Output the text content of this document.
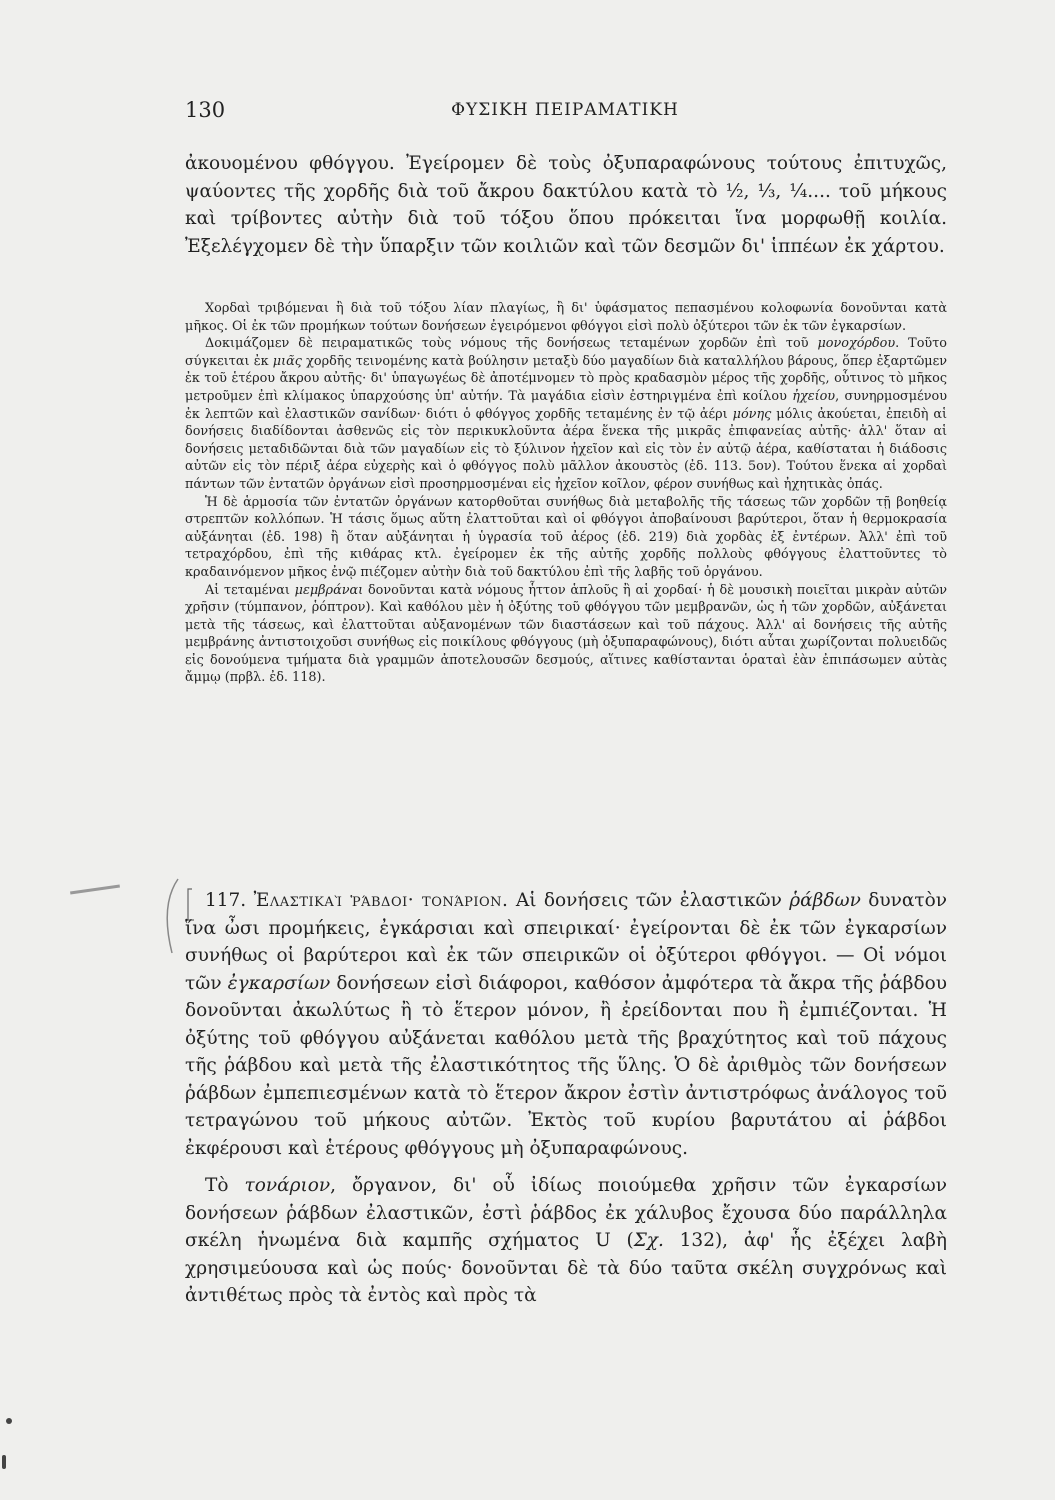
130	ΦΥΣΙΚΗ ΠΕΙΡΑΜΑΤΙΚΗ

ἀκουομένου φθόγγου. Ἐγείρομεν δὲ τοὺς ὀξυπαραφώνους τούτους ἐπιτυχῶς, ψαύοντες τῆς χορδῆς διὰ τοῦ ἄκρου δακτύλου κατὰ τὸ ½, ⅓, ¼.... τοῦ μήκους καὶ τρίβοντες αὐτὴν διὰ τοῦ τόξου ὅπου πρόκειται ἵνα μορφωθῇ κοιλία. Ἐξελέγχομεν δὲ τὴν ὕπαρξιν τῶν κοιλιῶν καὶ τῶν δεσμῶν δι' ἱππέων ἐκ χάρτου.

Χορδαὶ τριβόμεναι ἢ διὰ τοῦ τόξου λίαν πλαγίως, ἢ δι' ὑφάσματος πεπασμένου κολοφωνία δονοῦνται κατὰ μῆκος. Οἱ ἐκ τῶν προμήκων τούτων δονήσεων ἐγειρόμενοι φθόγγοι εἰσὶ πολὺ ὀξύτεροι τῶν ἐκ τῶν ἐγκαρσίων.

Δοκιμάζομεν δὲ πειραματικῶς τοὺς νόμους τῆς δονήσεως τεταμένων χορδῶν ἐπὶ τοῦ μονοχόρδου. Τοῦτο σύγκειται ἐκ μιᾶς χορδῆς τεινομένης κατὰ βούλησιν μεταξὺ δύο μαγαδίων διὰ καταλλήλου βάρους, ὅπερ ἐξαρτῶμεν ἐκ τοῦ ἑτέρου ἄκρου αὐτῆς· δι' ὑπαγωγέως δὲ ἀποτέμνομεν τὸ πρὸς κραδασμὸν μέρος τῆς χορδῆς, οὗτινος τὸ μῆκος μετροῦμεν ἐπὶ κλίμακος ὑπαρχούσης ὑπ' αὐτήν. Τὰ μαγάδια εἰσὶν ἐστηριγμένα ἐπὶ κοίλου ἠχείου, συνηρμοσμένου ἐκ λεπτῶν καὶ ἐλαστικῶν σανίδων· διότι ὁ φθόγγος χορδῆς τεταμένης ἐν τῷ ἀέρι μόνης μόλις ἀκούεται, ἐπειδὴ αἱ δονήσεις διαδίδονται ἀσθενῶς εἰς τὸν περικυκλοῦντα ἀέρα ἕνεκα τῆς μικρᾶς ἐπιφανείας αὐτῆς· ἀλλ' ὅταν αἱ δονήσεις μεταδιδῶνται διὰ τῶν μαγαδίων εἰς τὸ ξύλινον ἠχεῖον καὶ εἰς τὸν ἐν αὐτῷ ἀέρα, καθίσταται ἡ διάδοσις αὐτῶν εἰς τὸν πέριξ ἀέρα εὐχερὴς καὶ ὁ φθόγγος πολὺ μᾶλλον ἀκουστὸς (ἐδ. 113. 5ον). Τούτου ἕνεκα αἱ χορδαὶ πάντων τῶν ἐντατῶν ὀργάνων εἰσὶ προσηρμοσμέναι εἰς ἠχεῖον κοῖλον, φέρον συνήθως καὶ ἠχητικὰς ὀπάς.

Ἡ δὲ ἁρμοσία τῶν ἐντατῶν ὀργάνων κατορθοῦται συνήθως διὰ μεταβολῆς τῆς τάσεως τῶν χορδῶν τῇ βοηθείᾳ στρεπτῶν κολλόπων. Ἡ τάσις ὅμως αὕτη ἐλαττοῦται καὶ οἱ φθόγγοι ἀποβαίνουσι βαρύτεροι, ὅταν ἡ θερμοκρασία αὐξάνηται (ἐδ. 198) ἢ ὅταν αὐξάνηται ἡ ὑγρασία τοῦ ἀέρος (ἐδ. 219) διὰ χορδὰς ἐξ ἐντέρων. Ἀλλ' ἐπὶ τοῦ τετραχόρδου, ἐπὶ τῆς κιθάρας κτλ. ἐγείρομεν ἐκ τῆς αὐτῆς χορδῆς πολλοὺς φθόγγους ἐλαττοῦντες τὸ κραδαινόμενον μῆκος ἐνῷ πιέζομεν αὐτὴν διὰ τοῦ δακτύλου ἐπὶ τῆς λαβῆς τοῦ ὀργάνου.

Αἱ τεταμέναι μεμβράναι δονοῦνται κατὰ νόμους ἧττον ἁπλοῦς ἢ αἱ χορδαί· ἡ δὲ μουσικὴ ποιεῖται μικρὰν αὐτῶν χρῆσιν (τύμπανον, ῥόπτρον). Καὶ καθόλου μὲν ἡ ὀξύτης τοῦ φθόγγου τῶν μεμβρανῶν, ὡς ἡ τῶν χορδῶν, αὐξάνεται μετὰ τῆς τάσεως, καὶ ἐλαττοῦται αὐξανομένων τῶν διαστάσεων καὶ τοῦ πάχους. Ἀλλ' αἱ δονήσεις τῆς αὐτῆς μεμβράνης ἀντιστοιχοῦσι συνήθως εἰς ποικίλους φθόγγους (μὴ ὀξυπαραφώνους), διότι αὗται χωρίζονται πολυειδῶς εἰς δονούμενα τμήματα διὰ γραμμῶν ἀποτελουσῶν δεσμούς, αἵτινες καθίστανται ὁραταὶ ἐὰν ἐπιπάσωμεν αὐτὰς ἄμμῳ (πρβλ. ἐδ. 118).

117. Ἐλαστικαὶ ῥάβδοι· τονάριον. Αἱ δονήσεις τῶν ἐλαστικῶν ῥάβδων δυνατὸν ἵνα ὦσι προμήκεις, ἐγκάρσιαι καὶ σπειρικαί· ἐγείρονται δὲ ἐκ τῶν ἐγκαρσίων συνήθως οἱ βαρύτεροι καὶ ἐκ τῶν σπειρικῶν οἱ ὀξύτεροι φθόγγοι. — Οἱ νόμοι τῶν ἐγκαρσίων δονήσεων εἰσὶ διάφοροι, καθόσον ἀμφότερα τὰ ἄκρα τῆς ῥάβδου δονοῦνται ἀκωλύτως ἢ τὸ ἕτερον μόνον, ἢ ἐρείδονται που ἢ ἐμπιέζονται. Ἡ ὀξύτης τοῦ φθόγγου αὐξάνεται καθόλου μετὰ τῆς βραχύτητος καὶ τοῦ πάχους τῆς ῥάβδου καὶ μετὰ τῆς ἐλαστικότητος τῆς ὕλης. Ὁ δὲ ἀριθμὸς τῶν δονήσεων ῥάβδων ἐμπεπιεσμένων κατὰ τὸ ἕτερον ἄκρον ἐστὶν ἀντιστρόφως ἀνάλογος τοῦ τετραγώνου τοῦ μήκους αὐτῶν. Ἐκτὸς τοῦ κυρίου βαρυτάτου αἱ ῥάβδοι ἐκφέρουσι καὶ ἑτέρους φθόγγους μὴ ὀξυπαραφώνους.

Τὸ τονάριον, ὄργανον, δι' οὗ ἰδίως ποιούμεθα χρῆσιν τῶν ἐγκαρσίων δονήσεων ῥάβδων ἐλαστικῶν, ἐστὶ ῥάβδος ἐκ χάλυβος ἔχουσα δύο παράλληλα σκέλη ἡνωμένα διὰ καμπῆς σχήματος U (Σχ. 132), ἀφ' ἧς ἐξέχει λαβὴ χρησιμεύουσα καὶ ὡς πούς· δονοῦνται δὲ τὰ δύο ταῦτα σκέλη συγχρόνως καὶ ἀντιθέτως πρὸς τὰ ἐντὸς καὶ πρὸς τὰ
